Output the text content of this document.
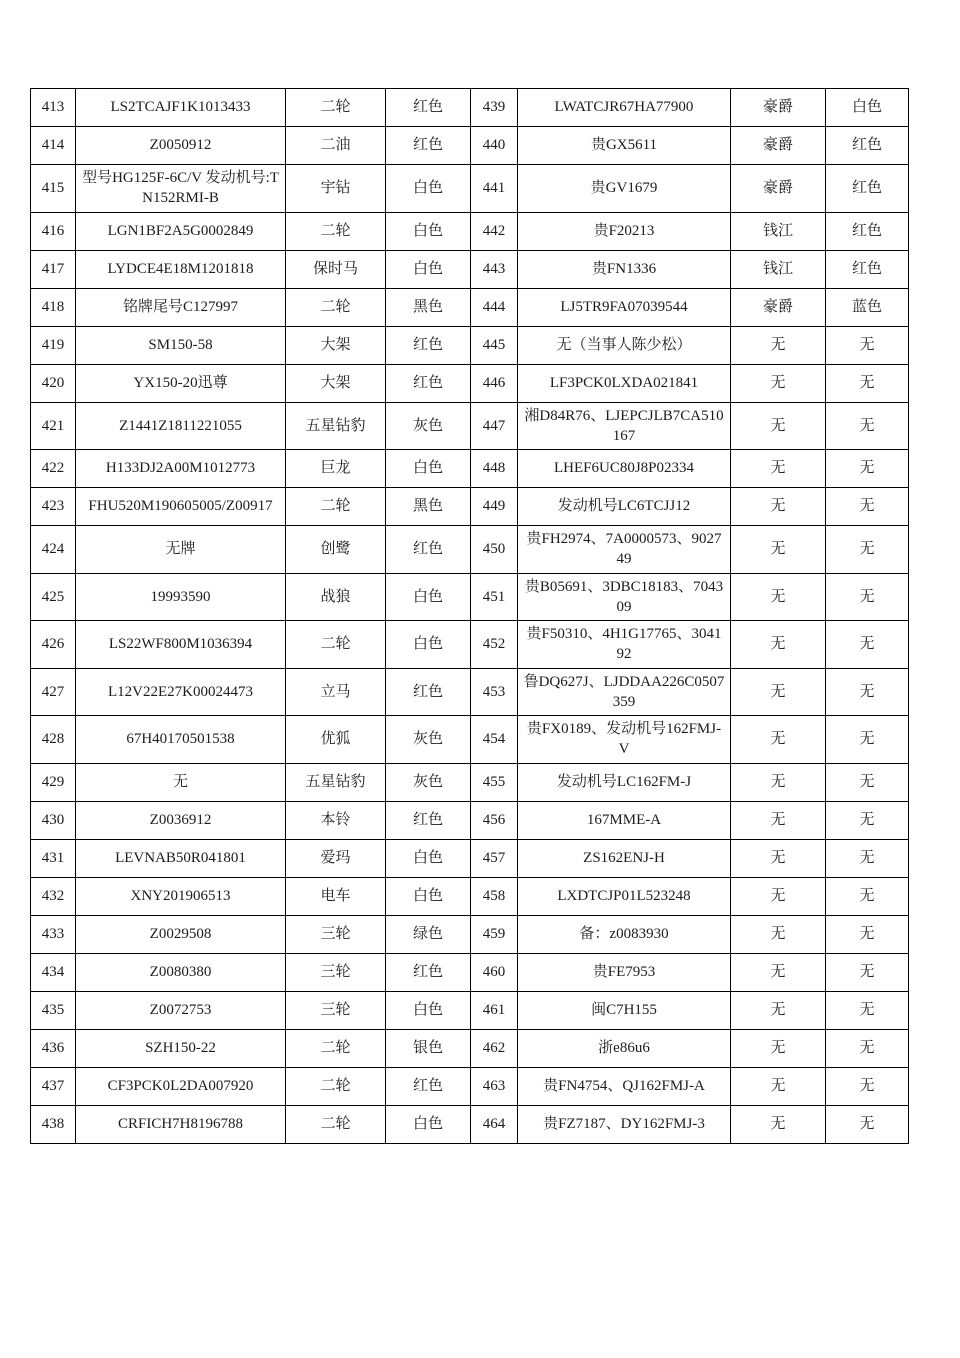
413	LS2TCAJF1K1013433	二轮	红色	439	LWATCJR67HA77900	豪爵	白色
414	Z0050912	二油	红色	440	贵GX5611	豪爵	红色
415	型号HG125F-6C/V 发动机号:TN152RMI-B	宇钻	白色	441	贵GV1679	豪爵	红色
416	LGN1BF2A5G0002849	二轮	白色	442	贵F20213	钱江	红色
417	LYDCE4E18M1201818	保时马	白色	443	贵FN1336	钱江	红色
418	铭牌尾号C127997	二轮	黑色	444	LJ5TR9FA07039544	豪爵	蓝色
419	SM150-58	大架	红色	445	无（当事人陈少松）	无	无
420	YX150-20迅尊	大架	红色	446	LF3PCK0LXDA021841	无	无
421	Z1441Z1811221055	五星钻豹	灰色	447	湘D84R76、LJEPCJLB7CA510167	无	无
422	H133DJ2A00M1012773	巨龙	白色	448	LHEF6UC80J8P02334	无	无
423	FHU520M190605005/Z00917	二轮	黑色	449	发动机号LC6TCJJ12	无	无
424	无牌	创鹭	红色	450	贵FH2974、7A0000573、902749	无	无
425	19993590	战狼	白色	451	贵B05691、3DBC18183、704309	无	无
426	LS22WF800M1036394	二轮	白色	452	贵F50310、4H1G17765、304192	无	无
427	L12V22E27K00024473	立马	红色	453	鲁DQ627J、LJDDAA226C0507359	无	无
428	67H40170501538	优狐	灰色	454	贵FX0189、发动机号162FMJ-V	无	无
429	无	五星钻豹	灰色	455	发动机号LC162FM-J	无	无
430	Z0036912	本铃	红色	456	167MME-A	无	无
431	LEVNAB50R041801	爱玛	白色	457	ZS162ENJ-H	无	无
432	XNY201906513	电车	白色	458	LXDTCJP01L523248	无	无
433	Z0029508	三轮	绿色	459	备：z0083930	无	无
434	Z0080380	三轮	红色	460	贵FE7953	无	无
435	Z0072753	三轮	白色	461	闽C7H155	无	无
436	SZH150-22	二轮	银色	462	浙e86u6	无	无
437	CF3PCK0L2DA007920	二轮	红色	463	贵FN4754、QJ162FMJ-A	无	无
438	CRFICH7H8196788	二轮	白色	464	贵FZ7187、DY162FMJ-3	无	无
